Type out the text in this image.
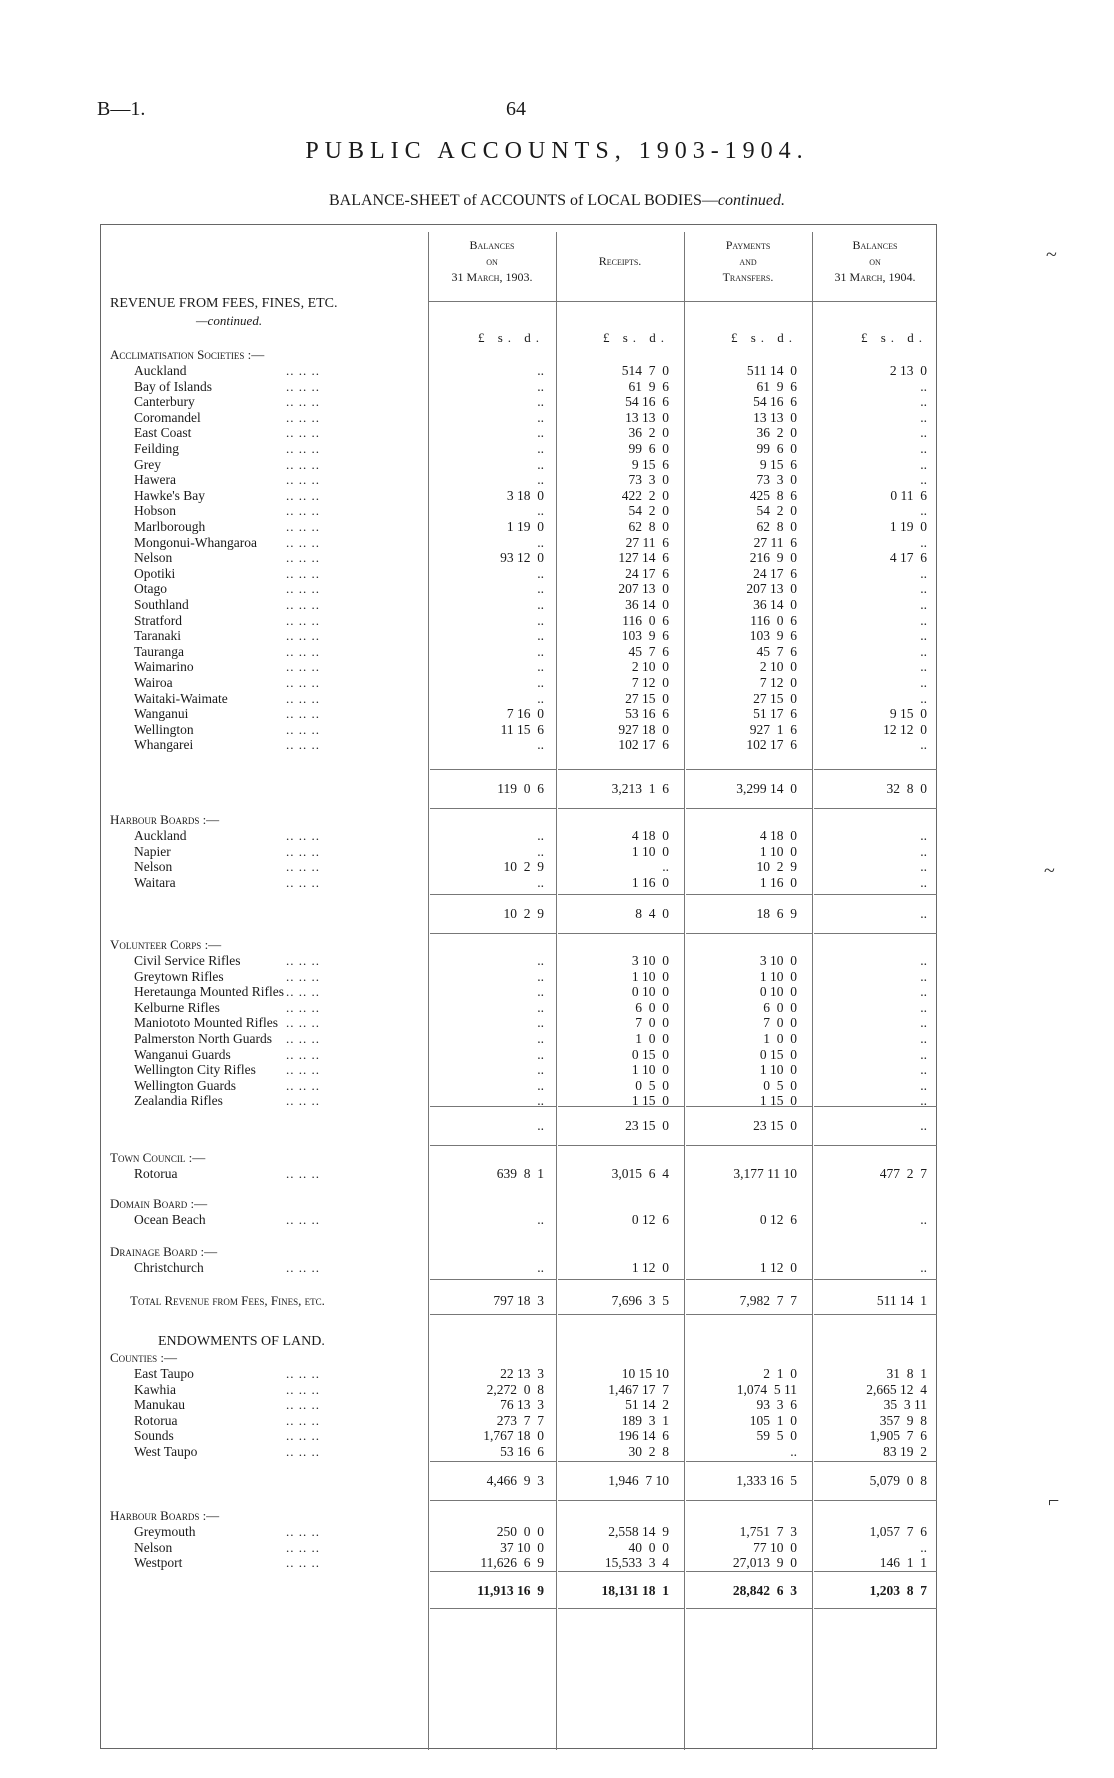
B—1.	64
PUBLIC ACCOUNTS, 1903-1904.
BALANCE-SHEET of ACCOUNTS of LOCAL BODIES—continued.
Balances
on
31 March, 1903.
Receipts.
Payments
and
Transfers.
Balances
on
31 March, 1904.
£ s. d.	£ s. d.	£ s. d.	£ s. d.
REVENUE FROM FEES, FINES, ETC.
—continued.
Acclimatisation Societies :—
Auckland	.. .. ..	..	514  7  0	511 14  0	2 13  0
Bay of Islands	.. .. ..	..	61  9  6	61  9  6	..
Canterbury	.. .. ..	..	54 16  6	54 16  6	..
Coromandel	.. .. ..	..	13 13  0	13 13  0	..
East Coast	.. .. ..	..	36  2  0	36  2  0	..
Feilding	.. .. ..	..	99  6  0	99  6  0	..
Grey	.. .. ..	..	9 15  6	9 15  6	..
Hawera	.. .. ..	..	73  3  0	73  3  0	..
Hawke's Bay	.. .. ..	3 18  0	422  2  0	425  8  6	0 11  6
Hobson	.. .. ..	..	54  2  0	54  2  0	..
Marlborough	.. .. ..	1 19  0	62  8  0	62  8  0	1 19  0
Mongonui-Whangaroa .. .. ..	..	27 11  6	27 11  6	..
Nelson	.. .. ..	93 12  0	127 14  6	216  9  0	4 17  6
Opotiki	.. .. ..	..	24 17  6	24 17  6	..
Otago	.. .. ..	..	207 13  0	207 13  0	..
Southland	.. .. ..	..	36 14  0	36 14  0	..
Stratford	.. .. ..	..	116  0  6	116  0  6	..
Taranaki	.. .. ..	..	103  9  6	103  9  6	..
Tauranga	.. .. ..	..	45  7  6	45  7  6	..
Waimarino	.. .. ..	..	2 10  0	2 10  0	..
Wairoa	.. .. ..	..	7 12  0	7 12  0	..
Waitaki-Waimate	.. .. ..	..	27 15  0	27 15  0	..
Wanganui	.. .. ..	7 16  0	53 16  6	51 17  6	9 15  0
Wellington	.. .. ..	11 15  6	927 18  0	927  1  6	12 12  0
Whangarei	.. .. ..	..	102 17  6	102 17  6	..
119  0  6	3,213  1  6	3,299 14  0	32  8  0
Harbour Boards :—
Auckland	.. .. ..	..	4 18  0	4 18  0	..
Napier	.. .. ..	..	1 10  0	1 10  0	..
Nelson	.. .. ..	10  2  9	..	10  2  9	..
Waitara	.. .. ..	..	1 16  0	1 16  0	..
10  2  9	8  4  0	18  6  9	..
Volunteer Corps :—
Civil Service Rifles	.. .. ..	..	3 10  0	3 10  0	..
Greytown Rifles	.. .. ..	..	1 10  0	1 10  0	..
Heretaunga Mounted Rifles .. .. ..	..	0 10  0	0 10  0	..
Kelburne Rifles	.. .. ..	..	6  0  0	6  0  0	..
Maniototo Mounted Rifles .. .. ..	..	7  0  0	7  0  0	..
Palmerston North Guards .. .. ..	..	1  0  0	1  0  0	..
Wanganui Guards	.. .. ..	..	0 15  0	0 15  0	..
Wellington City Rifles .. .. ..	..	1 10  0	1 10  0	..
Wellington Guards	.. .. ..	..	0  5  0	0  5  0	..
Zealandia Rifles	.. .. ..	..	1 15  0	1 15  0	..
..	23 15  0	23 15  0	..
Town Council :—
Rotorua	.. .. ..	639  8  1	3,015  6  4	3,177 11 10	477  2  7
Domain Board :—
Ocean Beach	.. .. ..	..	0 12  6	0 12  6	..
Drainage Board :—
Christchurch	.. .. ..	..	1 12  0	1 12  0	..
Total Revenue from Fees, Fines, etc.	797 18  3	7,696  3  5	7,982  7  7	511 14  1
ENDOWMENTS OF LAND.
Counties :—
East Taupo	.. .. ..	22 13  3	10 15 10	2  1  0	31  8  1
Kawhia	.. .. ..	2,272  0  8	1,467 17  7	1,074  5 11	2,665 12  4
Manukau	.. .. ..	76 13  3	51 14  2	93  3  6	35  3 11
Rotorua	.. .. ..	273  7  7	189  3  1	105  1  0	357  9  8
Sounds	.. .. ..	1,767 18  0	196 14  6	59  5  0	1,905  7  6
West Taupo	.. .. ..	53 16  6	30  2  8	..	83 19  2
4,466  9  3	1,946  7 10	1,333 16  5	5,079  0  8
Harbour Boards :—
Greymouth	.. .. ..	250  0  0	2,558 14  9	1,751  7  3	1,057  7  6
Nelson	.. .. ..	37 10  0	40  0  0	77 10  0	..
Westport	.. .. ..	11,626  6  9	15,533  3  4	27,013  9  0	146  1  1
11,913 16  9	18,131 18  1	28,842  6  3	1,203  8  7
~
~
⌐
